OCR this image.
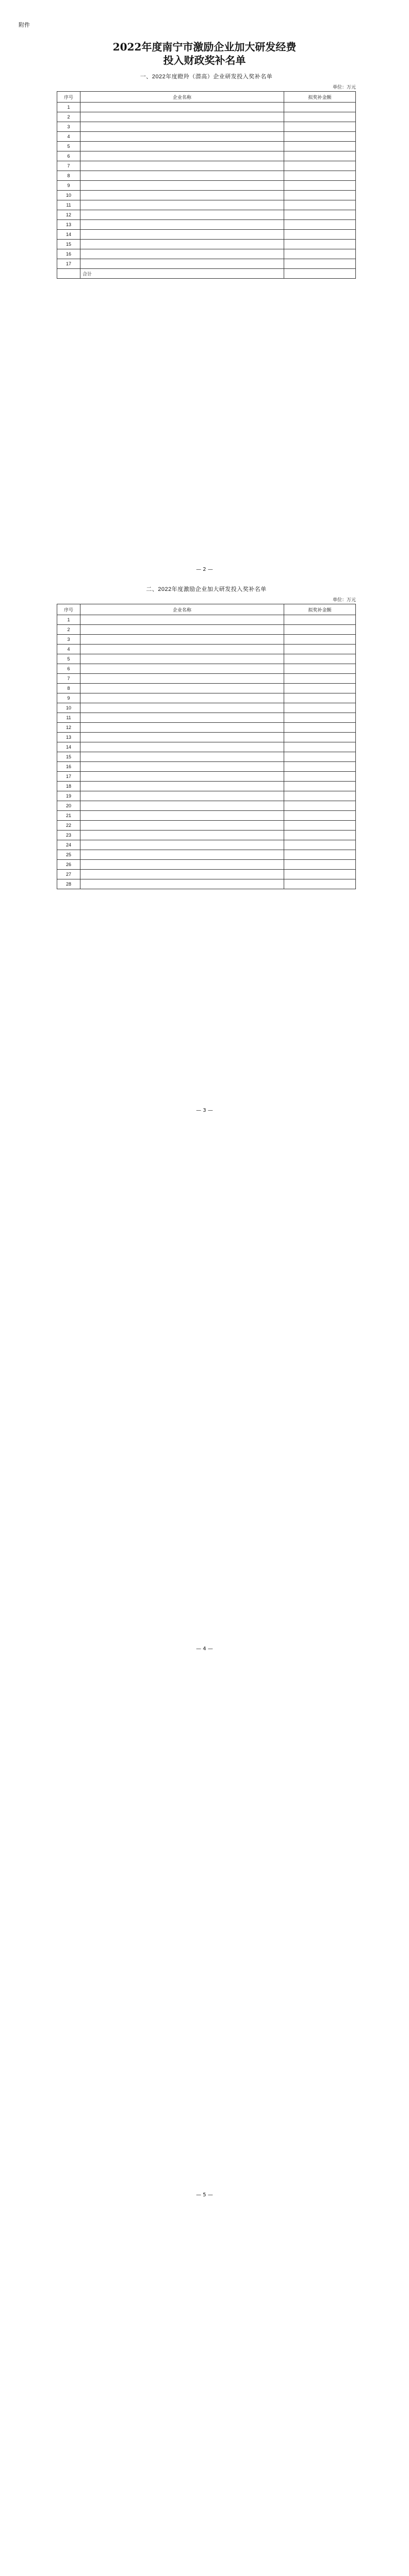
附件
2022年度南宁市激励企业加大研发经费
投入财政奖补名单
一、2022年度瞪羚（潜高）企业研发投入奖补名单
单位：万元
序号	企业名称	拟奖补金额
1		
2		
3		
4		
5		
6		
7		
8		
9		
10		
11		
12		
13		
14		
15		
16		
17		
	合计	
二、2022年度激励企业加大研发投入奖补名单
单位：万元
序号	企业名称	拟奖补金额
1		
2		
3		
4		
5		
6		
7		
8		
9		
10		
11		
12		
13		
14		
15		
16		
17		
18		
19		
20		
21		
22		
23		
24		
25		
26		
27		
28		
— 2 —
— 3 —
— 4 —
— 5 —
